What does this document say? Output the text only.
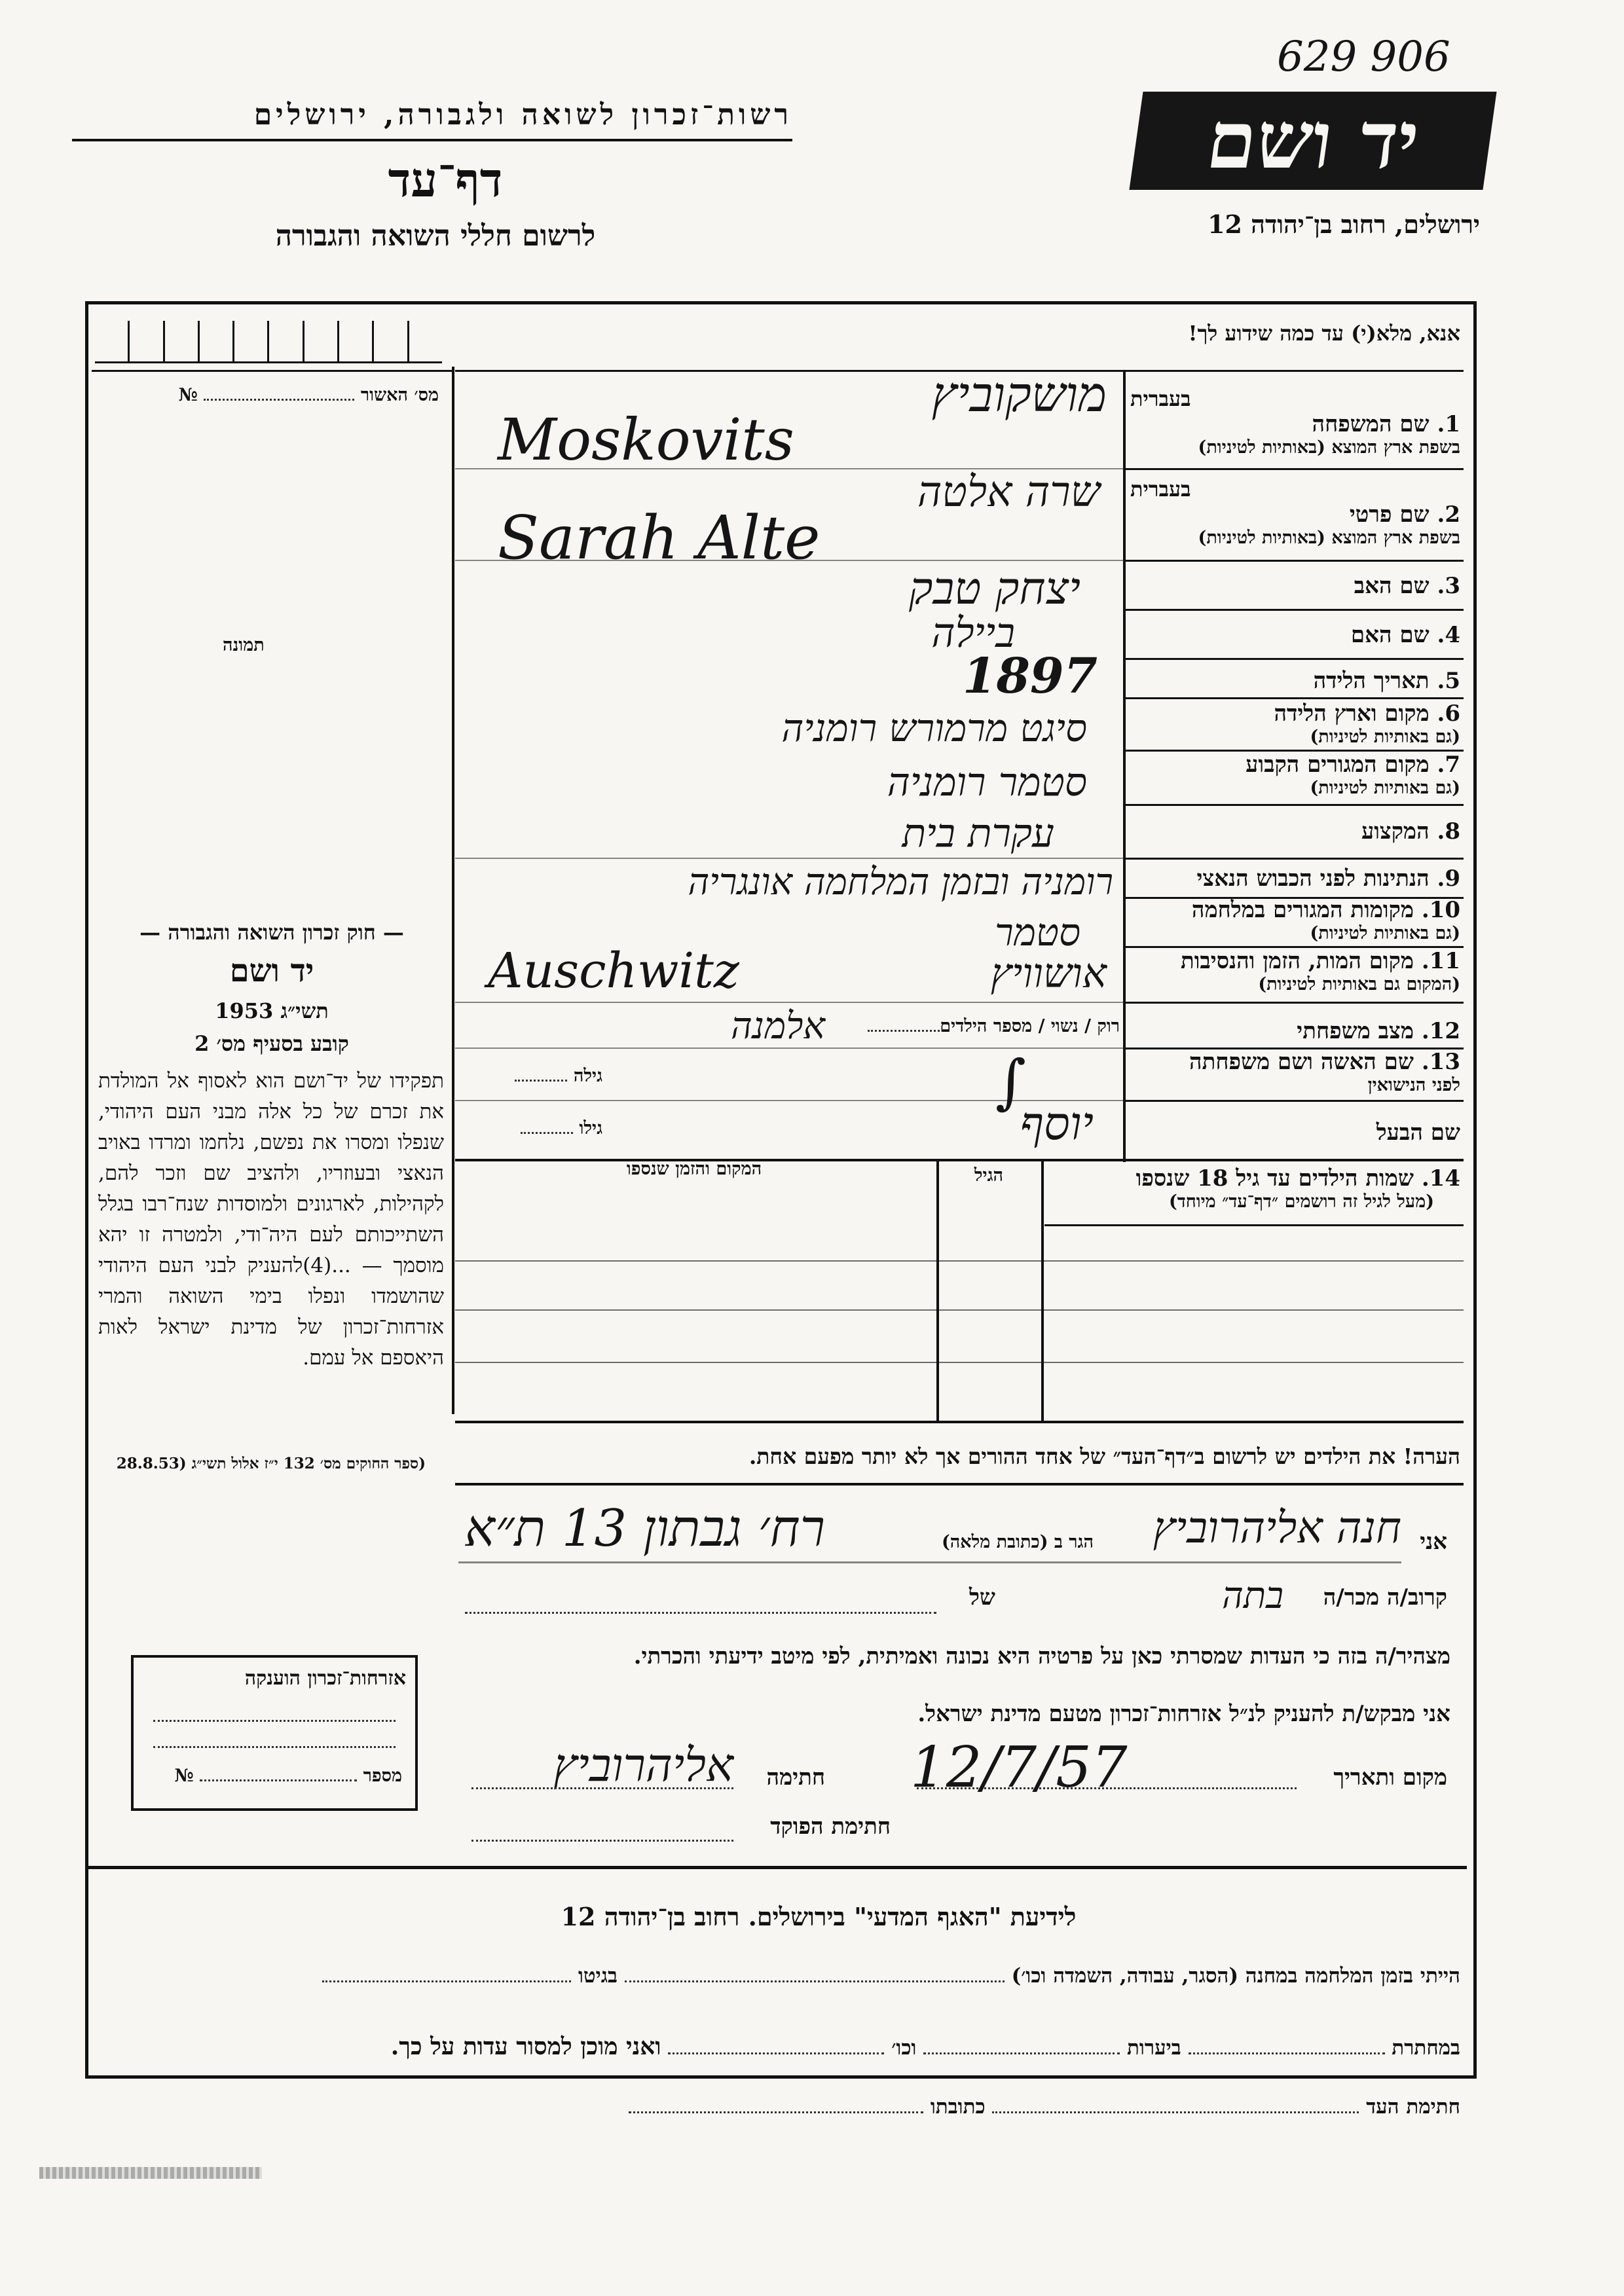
629 906
יד ושם
רשות־זכרון לשואה ולגבורה, ירושלים
דף־עד
לרשום חללי השואה והגבורה	ירושלים, רחוב בן־יהודה 12
אנא, מלא(י) עד כמה שידוע לך!
מס׳ האשור  №
תמונה
— חוק זכרון השואה והגבורה —
יד ושם
תשי״ג 1953
קובע בסעיף מס׳ 2
תפקידו של יד־ושם הוא לאסוף אל המולדת את זכרם של כל אלה מבני העם היהודי, שנפלו ומסרו את נפשם, נלחמו ומרדו באויב הנאצי ובעוזריו, ולהציב שם וזכר להם, לקהילות, לארגונים ולמוסדות שנח־רבו בגלל השתייכותם לעם היה־ודי, ולמטרה זו יהא מוסמך — ...(4)להעניק לבני העם היהודי שהושמדו ונפלו בימי השואה והמרי אזרחות־זכרון של מדינת ישראל לאות היאספם אל עמם.
(ספר החוקים מס׳ 132 י״ז אלול תשי״ג (28.8.53
אזרחות־זכרון הוענקה
מספר  №
בעברית
1. שם המשפחה
בשפת ארץ המוצא (באותיות לטיניות)
בעברית
2. שם פרטי
בשפת ארץ המוצא (באותיות לטיניות)
3. שם האב
4. שם האם
5. תאריך הלידה
6. מקום וארץ הלידה
(גם באותיות לטיניות)
7. מקום המגורים הקבוע
(גם באותיות לטיניות)
8. המקצוע
9. הנתינות לפני הכבוש הנאצי
10. מקומות המגורים במלחמה
(גם באותיות לטיניות)
11. מקום המות, הזמן והנסיבות
(המקום גם באותיות לטיניות)
12. מצב משפחתי
13. שם האשה ושם משפחתה
לפני הנישואין
שם הבעל
מושקוביץ
Moskovits
שרה אלטה
Sarah Alte
יצחק טבק
ביילה
1897
סיגט מרמורש רומניה
סטמר רומניה
עקרת בית
רומניה ובזמן המלחמה אונגריה
סטמר
Auschwitz	אושוויץ
אלמנה
∫
יוסף
רוק / נשוי / מספר הילדים
גילה
גילו
14. שמות הילדים עד גיל 18 שנספו
(מעל לגיל זה רושמים ״דף־עד״ מיוחד)
הגיל
המקום והזמן שנספו
הערה! את הילדים יש לרשום ב״דף־העד״ של אחד ההורים אך לא יותר מפעם אחת.
אני
חנה אליהרוביץ
הגר ב (כתובת מלאה)
רח׳ גבתון 13 ת״א
קרוב/ה מכר/ה
בתה
של
מצהיר/ה בזה כי העדות שמסרתי כאן על פרטיה היא נכונה ואמיתית, לפי מיטב ידיעתי והכרתי.
אני מבקש/ת להעניק לנ״ל אזרחות־זכרון מטעם מדינת ישראל.
מקום ותאריך
12/7/57
חתימה
אליהרוביץ
חתימת הפוקד
לידיעת "האגף המדעי" בירושלים. רחוב בן־יהודה 12
הייתי בזמן המלחמה במחנה (הסגר, עבודה, השמדה וכו׳)  בגיטו
במחתרת  ביערות  וכו׳  ואני מוכן למסור עדות על כך.
חתימת העד  כתובתו
